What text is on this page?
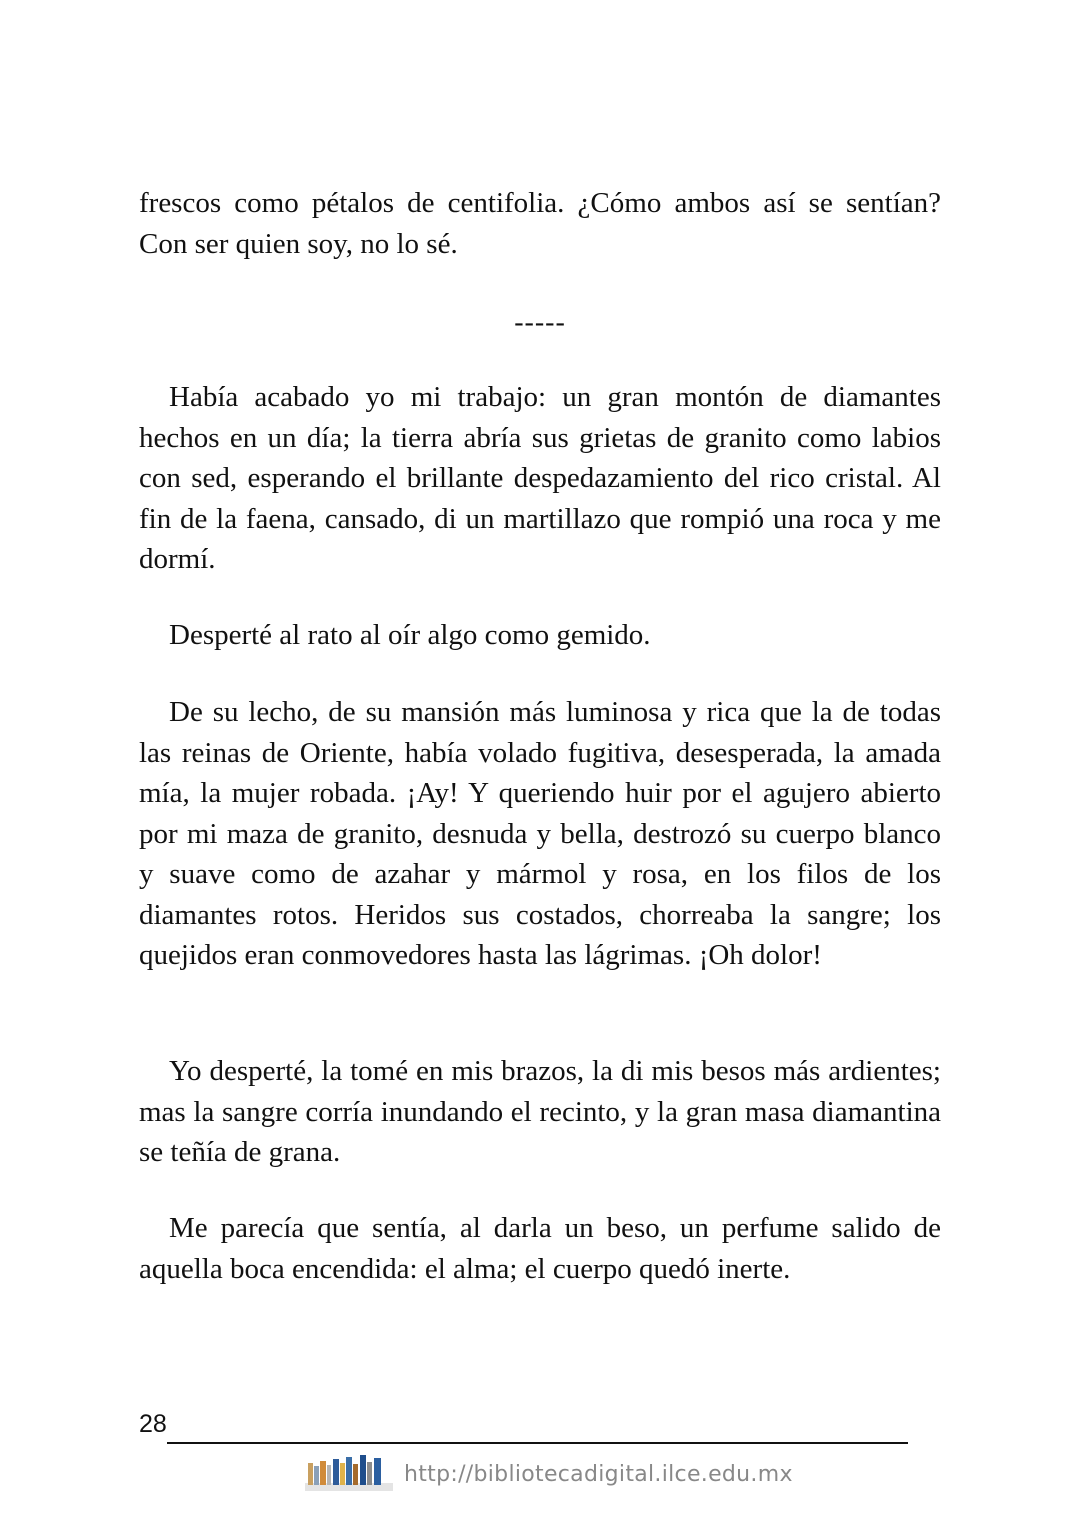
frescos como pétalos de centifolia. ¿Cómo ambos así se sentían? Con ser quien soy, no lo sé.

-----

Había acabado yo mi trabajo: un gran montón de diamantes hechos en un día; la tierra abría sus grietas de granito como labios con sed, esperando el brillante despedazamiento del rico cristal. Al fin de la faena, cansado, di un martillazo que rompió una roca y me dormí.

Desperté al rato al oír algo como gemido.

De su lecho, de su mansión más luminosa y rica que la de todas las reinas de Oriente, había volado fugitiva, desesperada, la amada mía, la mujer robada. ¡Ay! Y queriendo huir por el agujero abierto por mi maza de granito, desnuda y bella, destrozó su cuerpo blanco y suave como de azahar y mármol y rosa, en los filos de los diamantes rotos. Heridos sus costados, chorreaba la sangre; los quejidos eran conmovedores hasta las lágrimas. ¡Oh dolor!

Yo desperté, la tomé en mis brazos, la di mis besos más ardientes; mas la sangre corría inundando el recinto, y la gran masa diamantina se teñía de grana.

Me parecía que sentía, al darla un beso, un perfume salido de aquella boca encendida: el alma; el cuerpo quedó inerte.

28
http://bibliotecadigital.ilce.edu.mx
